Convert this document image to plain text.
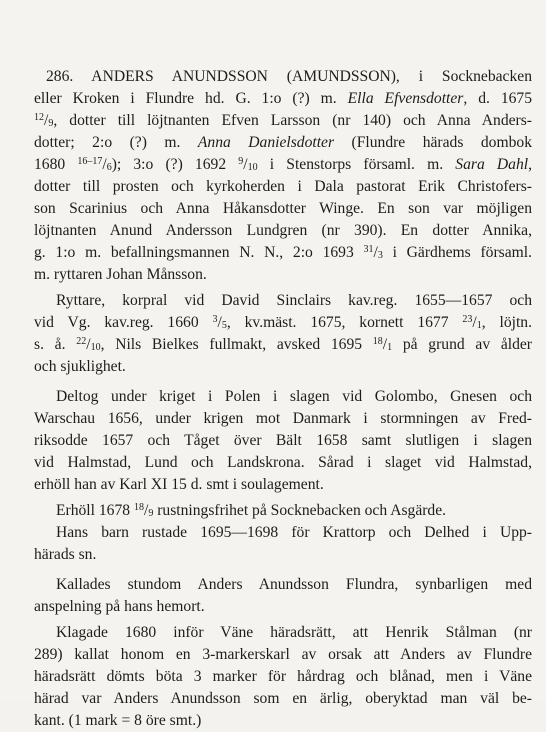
286. ANDERS ANUNDSSON (AMUNDSSON), i Socknebacken
eller Kroken i Flundre hd. G. 1:o (?) m. Ella Efvensdotter, d. 1675
$^{12}/_9$, dotter till löjtnanten Efven Larsson (nr 140) och Anna Anders-
dotter; 2:o (?) m. Anna Danielsdotter (Flundre härads dombok
1680 $^{16-17}/_6$); 3:o (?) 1692 $^9/_{10}$ i Stenstorps församl. m. Sara Dahl,
dotter till prosten och kyrkoherden i Dala pastorat Erik Christofers-
son Scarinius och Anna Håkansdotter Winge. En son var möjligen
löjtnanten Anund Andersson Lundgren (nr 390). En dotter Annika,
g. 1:o m. befallningsmannen N. N., 2:o 1693 $^{31}/_3$ i Gärdhems församl.
m. ryttaren Johan Månsson.
Ryttare, korpral vid David Sinclairs kav.reg. 1655—1657 och
vid Vg. kav.reg. 1660 $^3/_5$, kv.mäst. 1675, kornett 1677 $^{23}/_1$, löjtn.
s. å. $^{22}/_{10}$, Nils Bielkes fullmakt, avsked 1695 $^{18}/_1$ på grund av ålder
och sjuklighet.
Deltog under kriget i Polen i slagen vid Golombo, Gnesen och
Warschau 1656, under krigen mot Danmark i stormningen av Fred-
riksodde 1657 och Tåget över Bält 1658 samt slutligen i slagen
vid Halmstad, Lund och Landskrona. Sårad i slaget vid Halmstad,
erhöll han av Karl XI 15 d. smt i soulagement.
Erhöll 1678 $^{18}/_9$ rustningsfrihet på Socknebacken och Asgärde.
Hans barn rustade 1695—1698 för Krattorp och Delhed i Upp-
härads sn.
Kallades stundom Anders Anundsson Flundra, synbarligen med
anspelning på hans hemort.
Klagade 1680 inför Väne häradsrätt, att Henrik Stålman (nr
289) kallat honom en 3-markerskarl av orsak att Anders av Flundre
häradsrätt dömts böta 3 marker för hårdrag och blånad, men i Väne
härad var Anders Anundsson som en ärlig, oberyktad man väl be-
kant. (1 mark = 8 öre smt.)
